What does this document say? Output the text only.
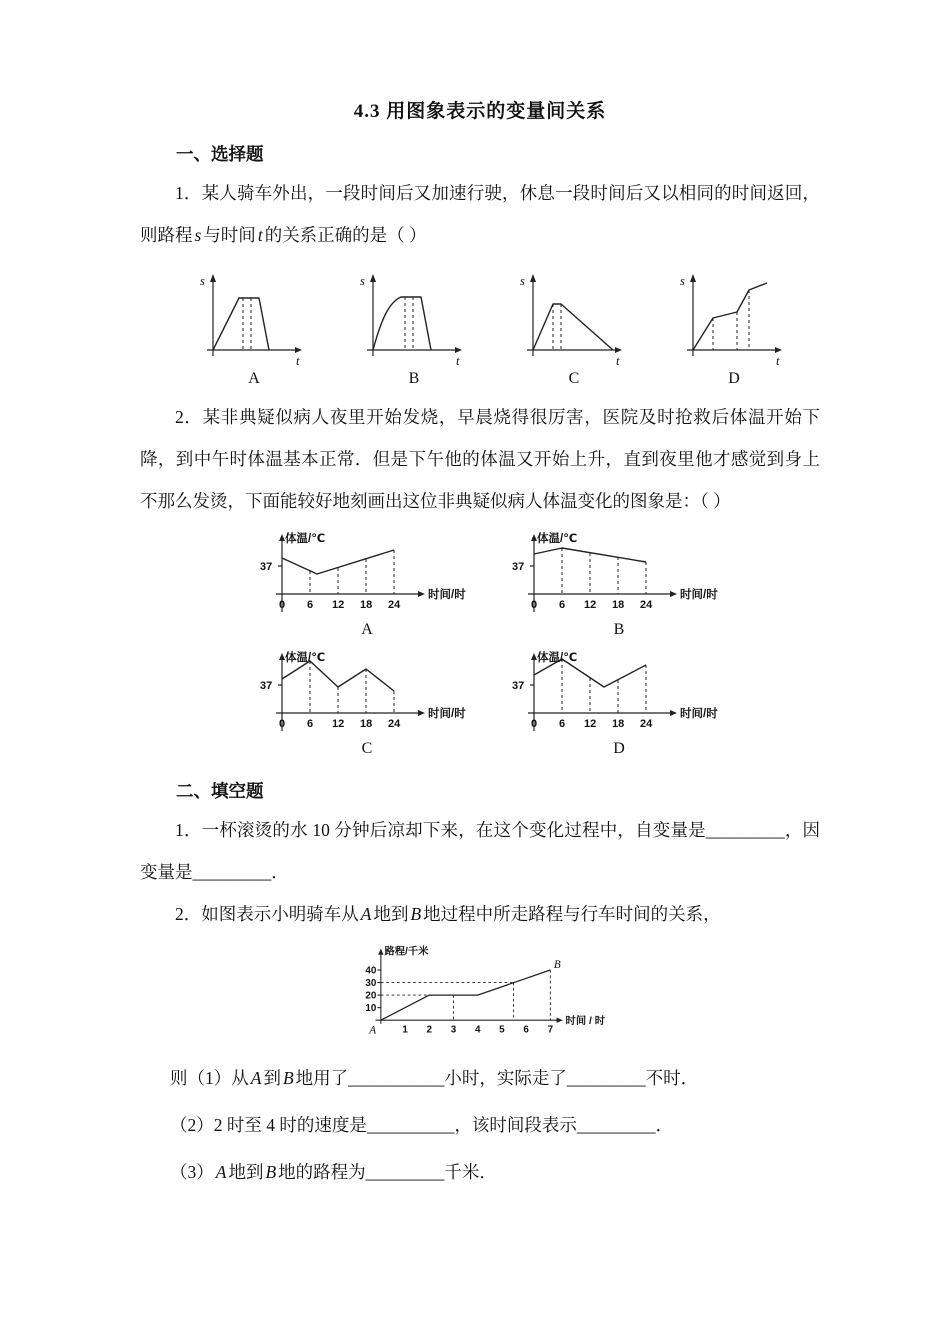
4.3 用图象表示的变量间关系
一、选择题

1．某人骑车外出，一段时间后又加速行驶，休息一段时间后又以相同的时间返回，则路程 s 与时间 t 的关系正确的是（ ）

s
t
A
s
t
B
s
t
C
s
t
D

2．某非典疑似病人夜里开始发烧，早晨烧得很厉害，医院及时抢救后体温开始下降，到中午时体温基本正常．但是下午他的体温又开始上升，直到夜里他才感觉到身上不那么发烫，下面能较好地刻画出这位非典疑似病人体温变化的图象是：（ ）

体温/℃
37
0 6 12 18 24
时间/时
A
体温/℃
37
0 6 12 18 24
时间/时
B
体温/℃
37
0 6 12 18 24
时间/时
C
体温/℃
37
0 6 12 18 24
时间/时
D
二、填空题

1．一杯滚烫的水 10 分钟后凉却下来，在这个变化过程中，自变量是_________，因变量是_________．

2．如图表示小明骑车从 A 地到 B 地过程中所走路程与行车时间的关系，

路程/千米
40
30
20
10
1 2 3 4 5 6 7
时间 / 时
A
B

则（1）从 A 到 B 地用了___________小时，实际走了_________不时．

（2）2 时至 4 时的速度是__________，该时间段表示_________．

（3） A 地到 B 地的路程为_________千米．
